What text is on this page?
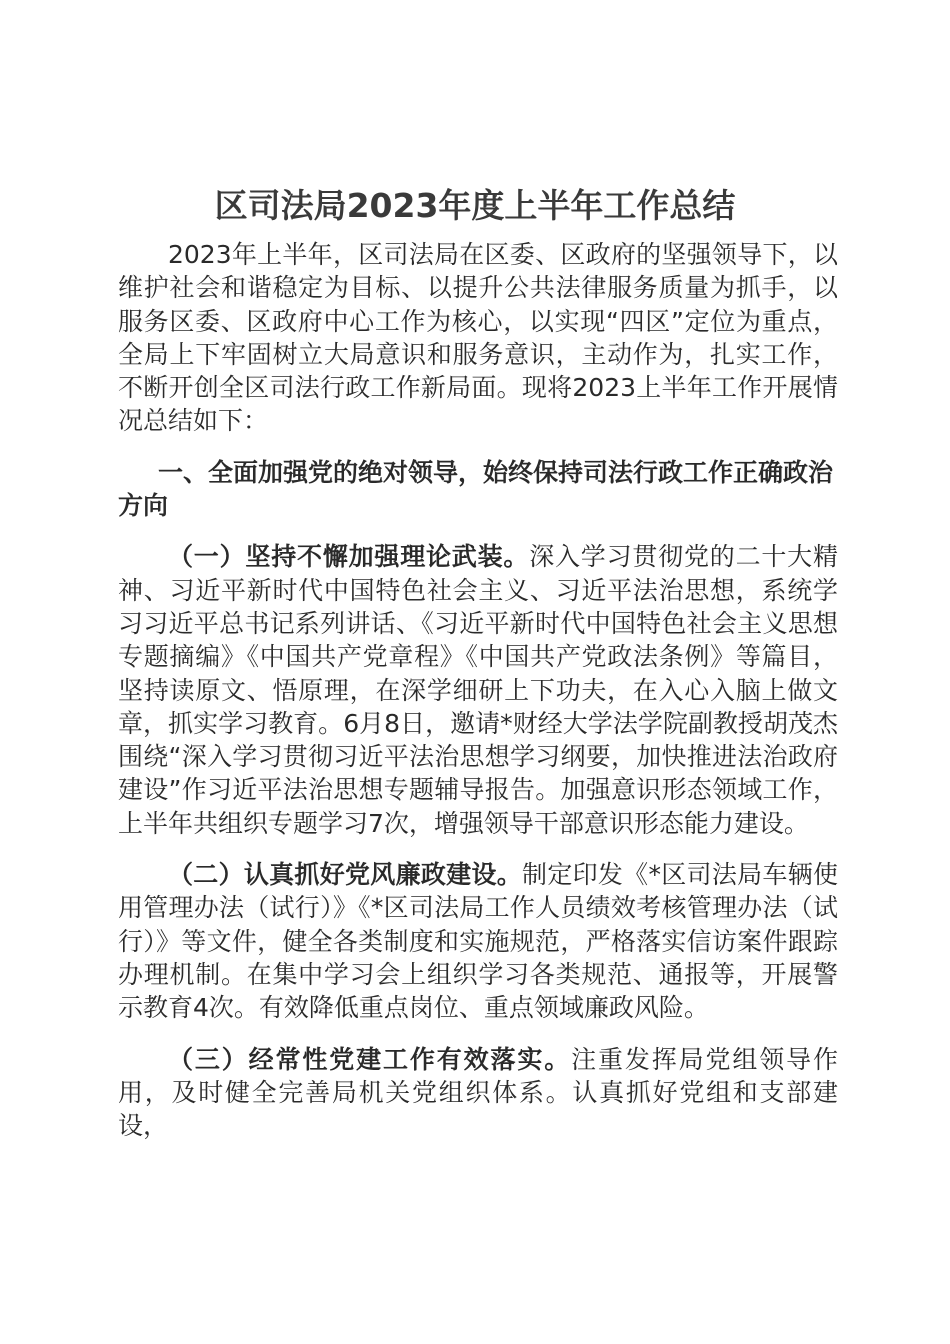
区司法局2023年度上半年工作总结

2023年上半年，区司法局在区委、区政府的坚强领导下，以维护社会和谐稳定为目标、以提升公共法律服务质量为抓手，以服务区委、区政府中心工作为核心，以实现“四区”定位为重点，全局上下牢固树立大局意识和服务意识，主动作为，扎实工作，不断开创全区司法行政工作新局面。现将2023上半年工作开展情况总结如下：

一、全面加强党的绝对领导，始终保持司法行政工作正确政治方向

（一）坚持不懈加强理论武装。深入学习贯彻党的二十大精神、习近平新时代中国特色社会主义、习近平法治思想，系统学习习近平总书记系列讲话、《习近平新时代中国特色社会主义思想专题摘编》《中国共产党章程》《中国共产党政法条例》等篇目，坚持读原文、悟原理，在深学细研上下功夫，在入心入脑上做文章，抓实学习教育。6月8日，邀请*财经大学法学院副教授胡茂杰围绕“深入学习贯彻习近平法治思想学习纲要，加快推进法治政府建设”作习近平法治思想专题辅导报告。加强意识形态领域工作，上半年共组织专题学习7次，增强领导干部意识形态能力建设。

（二）认真抓好党风廉政建设。制定印发《*区司法局车辆使用管理办法（试行）》《*区司法局工作人员绩效考核管理办法（试行）》等文件，健全各类制度和实施规范，严格落实信访案件跟踪办理机制。在集中学习会上组织学习各类规范、通报等，开展警示教育4次。有效降低重点岗位、重点领域廉政风险。

（三）经常性党建工作有效落实。注重发挥局党组领导作用，及时健全完善局机关党组织体系。认真抓好党组和支部建设，
